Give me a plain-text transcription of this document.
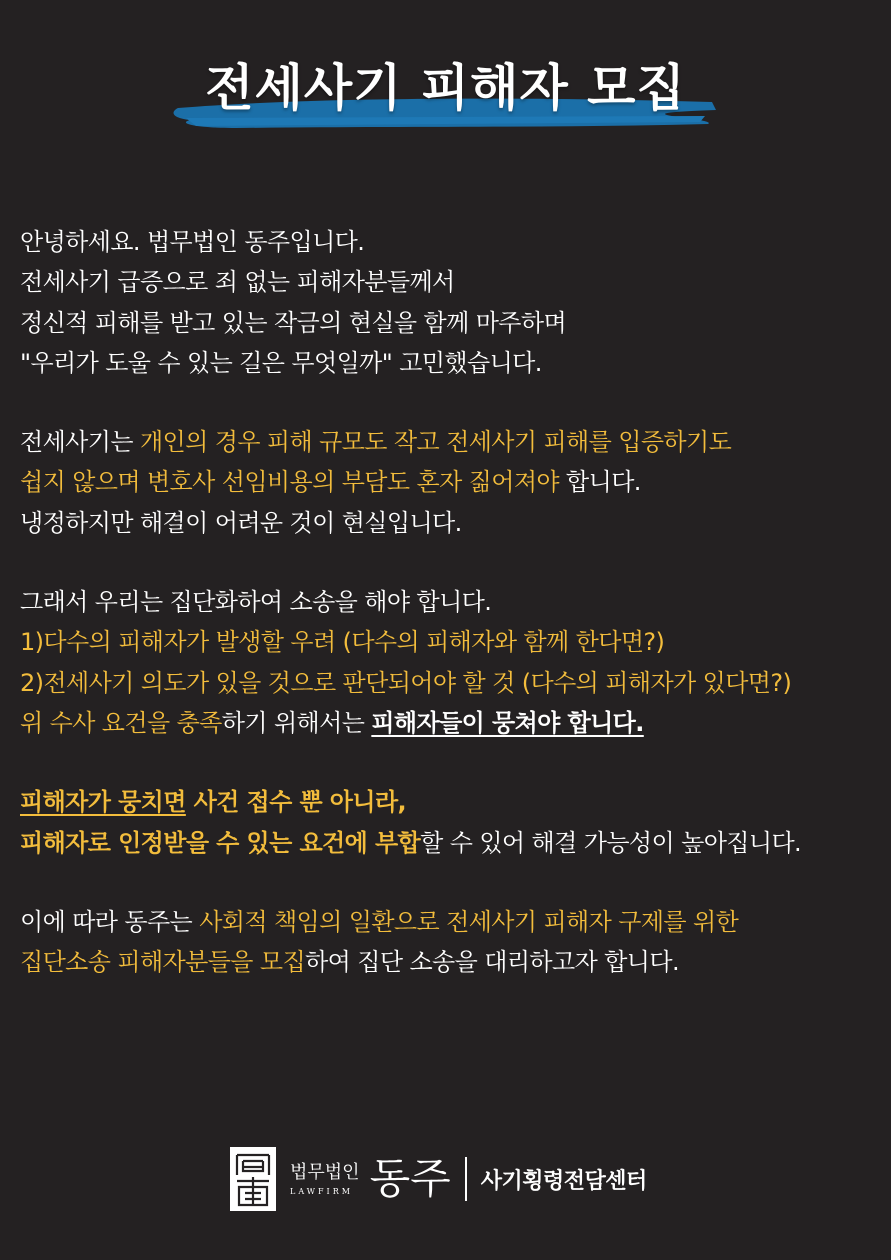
전세사기 피해자 모집
안녕하세요. 법무법인 동주입니다.
전세사기 급증으로 죄 없는 피해자분들께서
정신적 피해를 받고 있는 작금의 현실을 함께 마주하며
"우리가 도울 수 있는 길은 무엇일까" 고민했습니다.
전세사기는 개인의 경우 피해 규모도 작고 전세사기 피해를 입증하기도
쉽지 않으며 변호사 선임비용의 부담도 혼자 짊어져야 합니다.
냉정하지만 해결이 어려운 것이 현실입니다.
그래서 우리는 집단화하여 소송을 해야 합니다.
1)다수의 피해자가 발생할 우려 (다수의 피해자와 함께 한다면?)
2)전세사기 의도가 있을 것으로 판단되어야 할 것 (다수의 피해자가 있다면?)
위 수사 요건을 충족하기 위해서는 피해자들이 뭉쳐야 합니다.
피해자가 뭉치면 사건 접수 뿐 아니라,
피해자로 인정받을 수 있는 요건에 부합할 수 있어 해결 가능성이 높아집니다.
이에 따라 동주는 사회적 책임의 일환으로 전세사기 피해자 구제를 위한
집단소송 피해자분들을 모집하여 집단 소송을 대리하고자 합니다.
법무법인
LAWFIRM 동주 사기횡령전담센터
